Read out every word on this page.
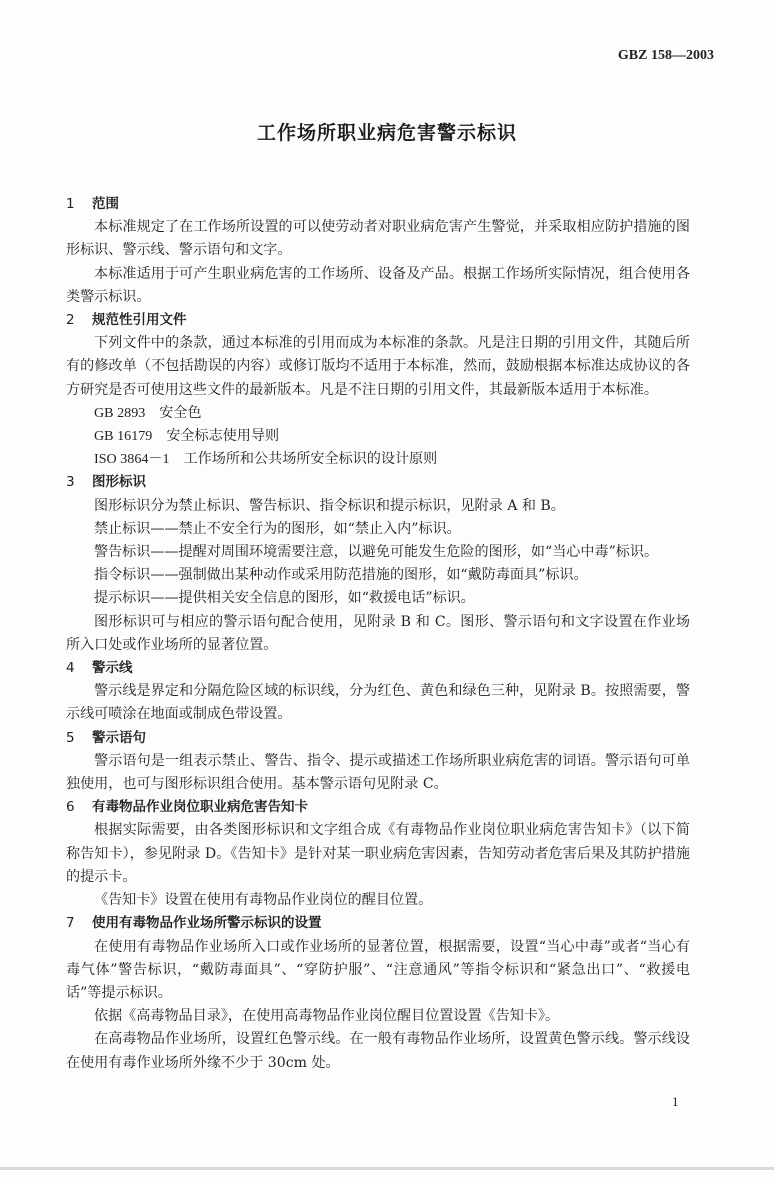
GBZ 158—2003
工作场所职业病危害警示标识
1 范围

本标准规定了在工作场所设置的可以使劳动者对职业病危害产生警觉，并采取相应防护措施的图形标识、警示线、警示语句和文字。

本标准适用于可产生职业病危害的工作场所、设备及产品。根据工作场所实际情况，组合使用各类警示标识。

2 规范性引用文件

下列文件中的条款，通过本标准的引用而成为本标准的条款。凡是注日期的引用文件，其随后所有的修改单（不包括勘误的内容）或修订版均不适用于本标准，然而，鼓励根据本标准达成协议的各方研究是否可使用这些文件的最新版本。凡是不注日期的引用文件，其最新版本适用于本标准。

GB 2893 安全色

GB 16179 安全标志使用导则

ISO 3864－1 工作场所和公共场所安全标识的设计原则

3 图形标识

图形标识分为禁止标识、警告标识、指令标识和提示标识，见附录 A 和 B。

禁止标识——禁止不安全行为的图形，如“禁止入内”标识。

警告标识——提醒对周围环境需要注意，以避免可能发生危险的图形，如“当心中毒”标识。

指令标识——强制做出某种动作或采用防范措施的图形，如“戴防毒面具”标识。

提示标识——提供相关安全信息的图形，如“救援电话”标识。

图形标识可与相应的警示语句配合使用，见附录 B 和 C。图形、警示语句和文字设置在作业场所入口处或作业场所的显著位置。

4 警示线

警示线是界定和分隔危险区域的标识线，分为红色、黄色和绿色三种，见附录 B。按照需要，警示线可喷涂在地面或制成色带设置。

5 警示语句

警示语句是一组表示禁止、警告、指令、提示或描述工作场所职业病危害的词语。警示语句可单独使用，也可与图形标识组合使用。基本警示语句见附录 C。

6 有毒物品作业岗位职业病危害告知卡

根据实际需要，由各类图形标识和文字组合成《有毒物品作业岗位职业病危害告知卡》（以下简称告知卡），参见附录 D。《告知卡》是针对某一职业病危害因素，告知劳动者危害后果及其防护措施的提示卡。

《告知卡》设置在使用有毒物品作业岗位的醒目位置。

7 使用有毒物品作业场所警示标识的设置

在使用有毒物品作业场所入口或作业场所的显著位置，根据需要，设置“当心中毒”或者“当心有毒气体”警告标识，“戴防毒面具”、“穿防护服”、“注意通风”等指令标识和“紧急出口”、“救援电话”等提示标识。

依据《高毒物品目录》，在使用高毒物品作业岗位醒目位置设置《告知卡》。

在高毒物品作业场所，设置红色警示线。在一般有毒物品作业场所，设置黄色警示线。警示线设在使用有毒作业场所外缘不少于 30cm 处。

1
